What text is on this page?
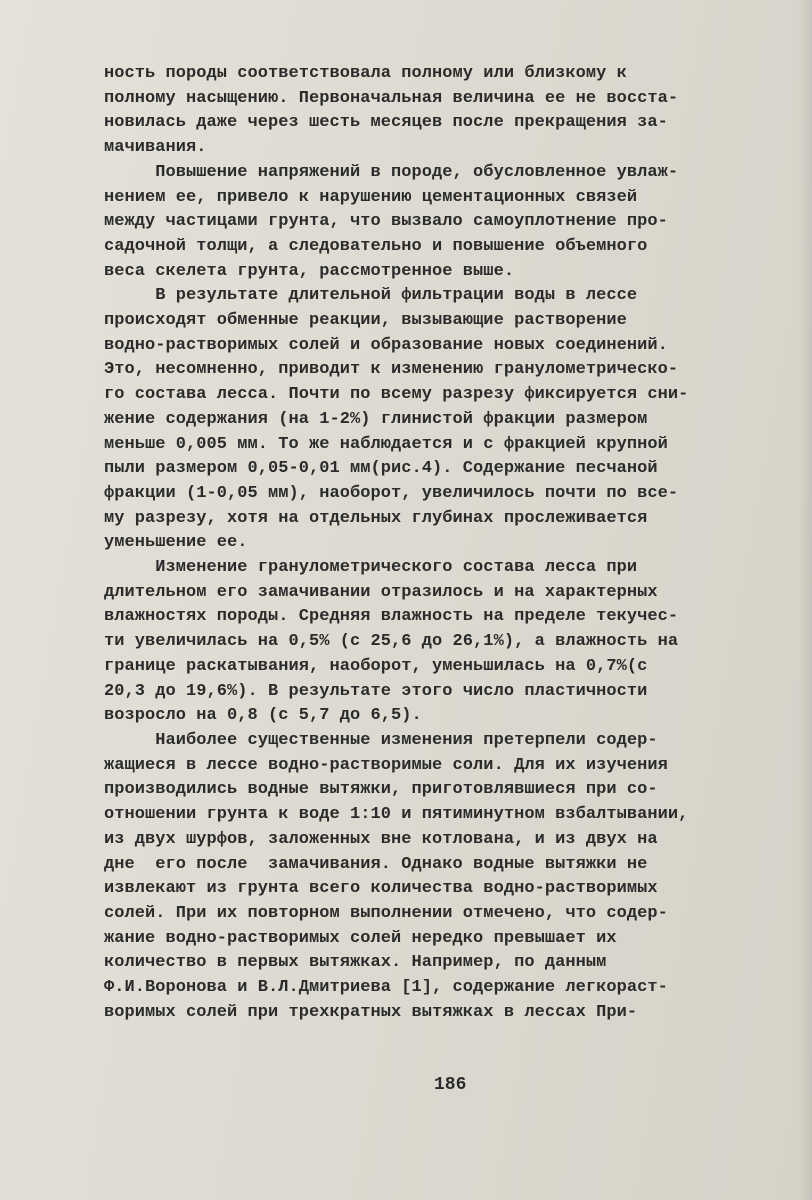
ность породы соответствовала полному или близкому к
полному насыщению. Первоначальная величина ее не восста-
новилась даже через шесть месяцев после прекращения за-
мачивания.
Повышение напряжений в породе, обусловленное увлаж-
нением ее, привело к нарушению цементационных связей
между частицами грунта, что вызвало самоуплотнение про-
садочной толщи, а следовательно и повышение объемного
веса скелета грунта, рассмотренное выше.
В результате длительной фильтрации воды в лессе
происходят обменные реакции, вызывающие растворение
водно-растворимых солей и образование новых соединений.
Это, несомненно, приводит к изменению гранулометрическо-
го состава лесса. Почти по всему разрезу фиксируется сни-
жение содержания (на 1-2%) глинистой фракции размером
меньше 0,005 мм. То же наблюдается и с фракцией крупной
пыли размером 0,05-0,01 мм(рис.4). Содержание песчаной
фракции (1-0,05 мм), наоборот, увеличилось почти по все-
му разрезу, хотя на отдельных глубинах прослеживается
уменьшение ее.
Изменение гранулометрического состава лесса при
длительном его замачивании отразилось и на характерных
влажностях породы. Средняя влажность на пределе текучес-
ти увеличилась на 0,5% (с 25,6 до 26,1%), а влажность на
границе раскатывания, наоборот, уменьшилась на 0,7%(с
20,3 до 19,6%). В результате этого число пластичности
возросло на 0,8 (с 5,7 до 6,5).
Наиболее существенные изменения претерпели содер-
жащиеся в лессе водно-растворимые соли. Для их изучения
производились водные вытяжки, приготовлявшиеся при со-
отношении грунта к воде 1:10 и пятиминутном взбалтывании,
из двух шурфов, заложенных вне котлована, и из двух на
дне  его после  замачивания. Однако водные вытяжки не
извлекают из грунта всего количества водно-растворимых
солей. При их повторном выполнении отмечено, что содер-
жание водно-растворимых солей нередко превышает их
количество в первых вытяжках. Например, по данным
Ф.И.Воронова и В.Л.Дмитриева [1], содержание легкораст-
воримых солей при трехкратных вытяжках в лессах При-
186
